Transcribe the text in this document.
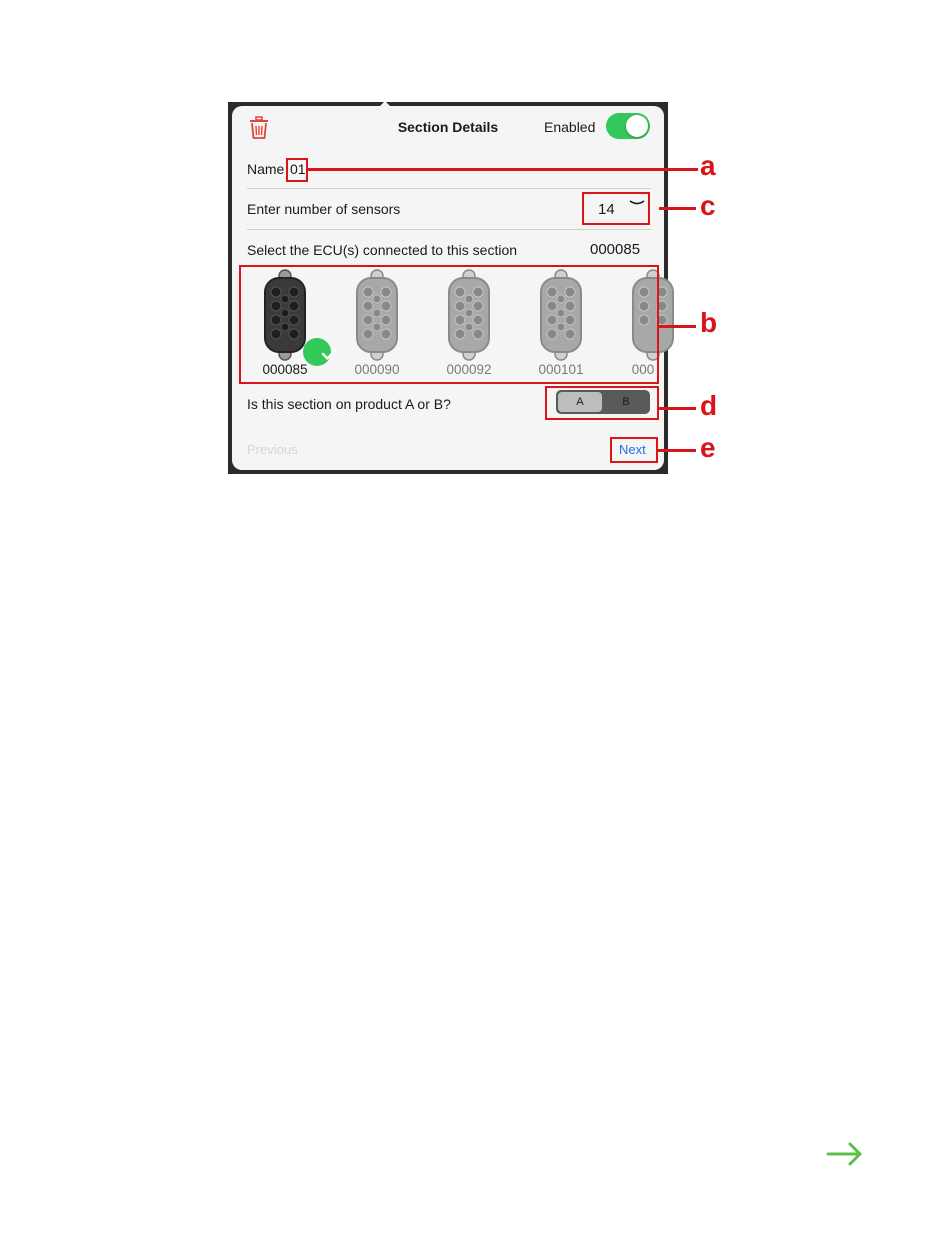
Section Details	Enabled
Name 01
Enter number of sensors	14
Select the ECU(s) connected to this section	000085
000085	000090	000092	000101	000
Is this section on product A or B?	A	B
Previous	Next
a
c
b
d
e
